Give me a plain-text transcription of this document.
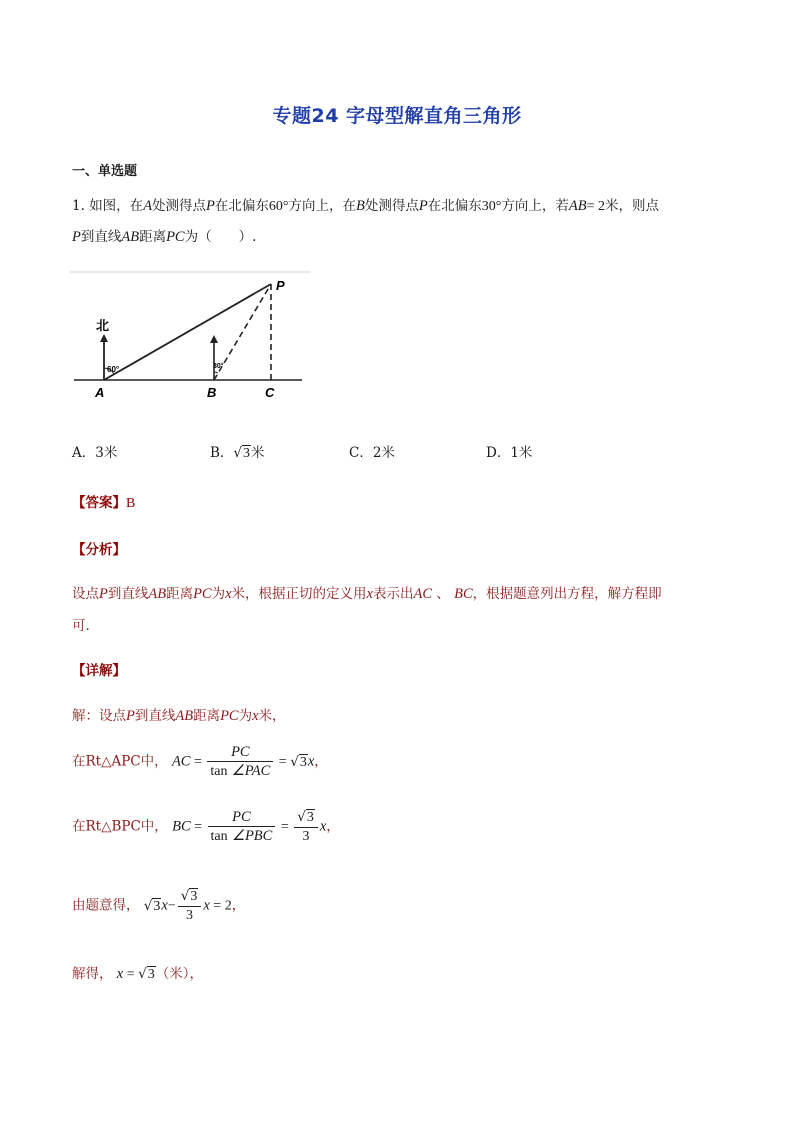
专题24 字母型解直角三角形
一、单选题
1. 如图，在A处测得点P在北偏东60°方向上，在B处测得点P在北偏东30°方向上，若AB= 2米，则点
P到直线AB距离PC为（　　）.
北
60°	30°
A	B	C
P
A．3米	B．√3米	C．2米	D．1米
【答案】B
【分析】
设点P到直线AB距离PC为x米，根据正切的定义用x表示出AC 、 BC，根据题意列出方程，解方程即
可.
【详解】
解：设点P到直线AB距离PC为x米，
在Rt△APC中， AC = $\frac{PC}{\text{tan ∠PAC}} = √3x$，
在Rt△BPC中， BC = $\frac{PC}{\text{tan ∠PBC}} = \frac{√3}{3}$ x，
由题意得， $√3x- \frac{√3}{3}$ x = 2，
解得， x = √3（米），
